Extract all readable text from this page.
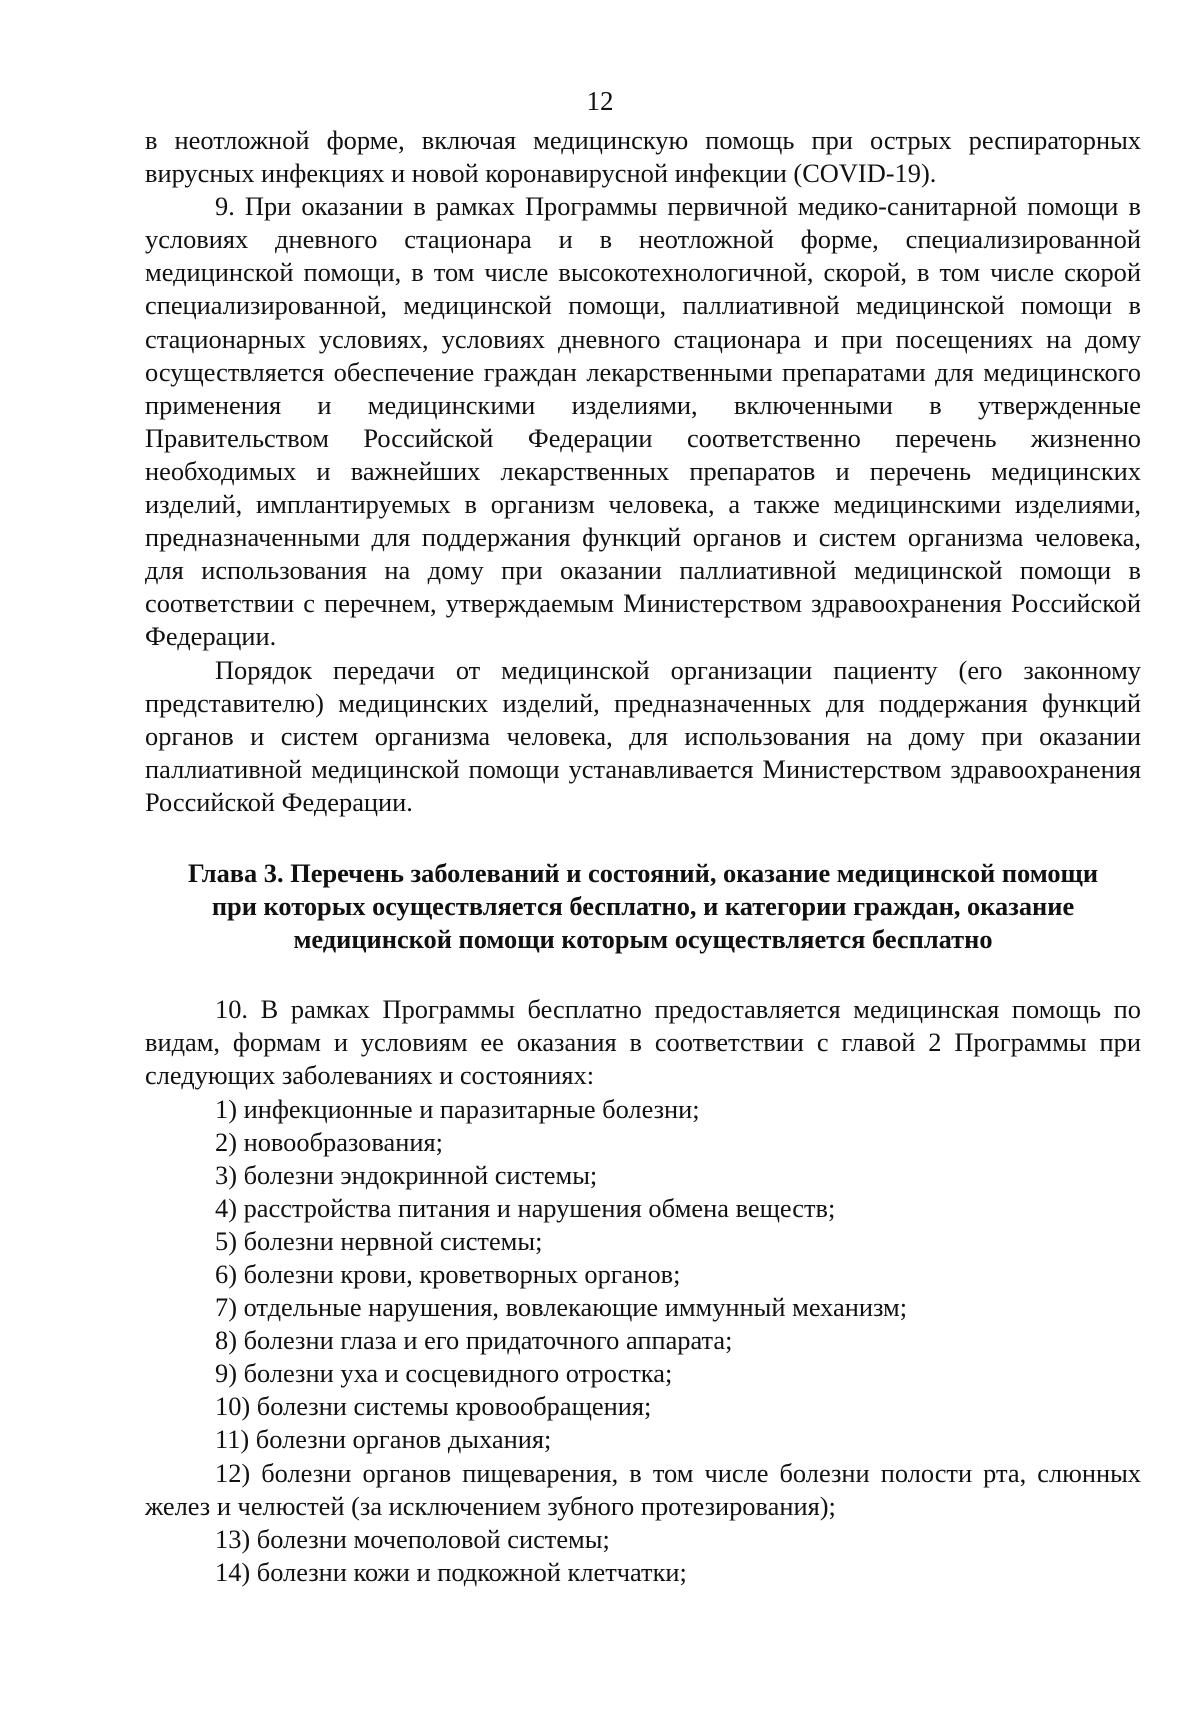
12

в неотложной форме, включая медицинскую помощь при острых респираторных вирусных инфекциях и новой коронавирусной инфекции (COVID-19).

9. При оказании в рамках Программы первичной медико-санитарной помощи в условиях дневного стационара и в неотложной форме, специализированной медицинской помощи, в том числе высокотехнологичной, скорой, в том числе скорой специализированной, медицинской помощи, паллиативной медицинской помощи в стационарных условиях, условиях дневного стационара и при посещениях на дому осуществляется обеспечение граждан лекарственными препаратами для медицинского применения и медицинскими изделиями, включенными в утвержденные Правительством Российской Федерации соответственно перечень жизненно необходимых и важнейших лекарственных препаратов и перечень медицинских изделий, имплантируемых в организм человека, а также медицинскими изделиями, предназначенными для поддержания функций органов и систем организма человека, для использования на дому при оказании паллиативной медицинской помощи в соответствии с перечнем, утверждаемым Министерством здравоохранения Российской Федерации.

Порядок передачи от медицинской организации пациенту (его законному представителю) медицинских изделий, предназначенных для поддержания функций органов и систем организма человека, для использования на дому при оказании паллиативной медицинской помощи устанавливается Министерством здравоохранения Российской Федерации.

Глава 3. Перечень заболеваний и состояний, оказание медицинской помощи
при которых осуществляется бесплатно, и категории граждан, оказание
медицинской помощи которым осуществляется бесплатно

10. В рамках Программы бесплатно предоставляется медицинская помощь по видам, формам и условиям ее оказания в соответствии с главой 2 Программы при следующих заболеваниях и состояниях:

1) инфекционные и паразитарные болезни;

2) новообразования;

3) болезни эндокринной системы;

4) расстройства питания и нарушения обмена веществ;

5) болезни нервной системы;

6) болезни крови, кроветворных органов;

7) отдельные нарушения, вовлекающие иммунный механизм;

8) болезни глаза и его придаточного аппарата;

9) болезни уха и сосцевидного отростка;

10) болезни системы кровообращения;

11) болезни органов дыхания;

12) болезни органов пищеварения, в том числе болезни полости рта, слюнных желез и челюстей (за исключением зубного протезирования);

13) болезни мочеполовой системы;

14) болезни кожи и подкожной клетчатки;
